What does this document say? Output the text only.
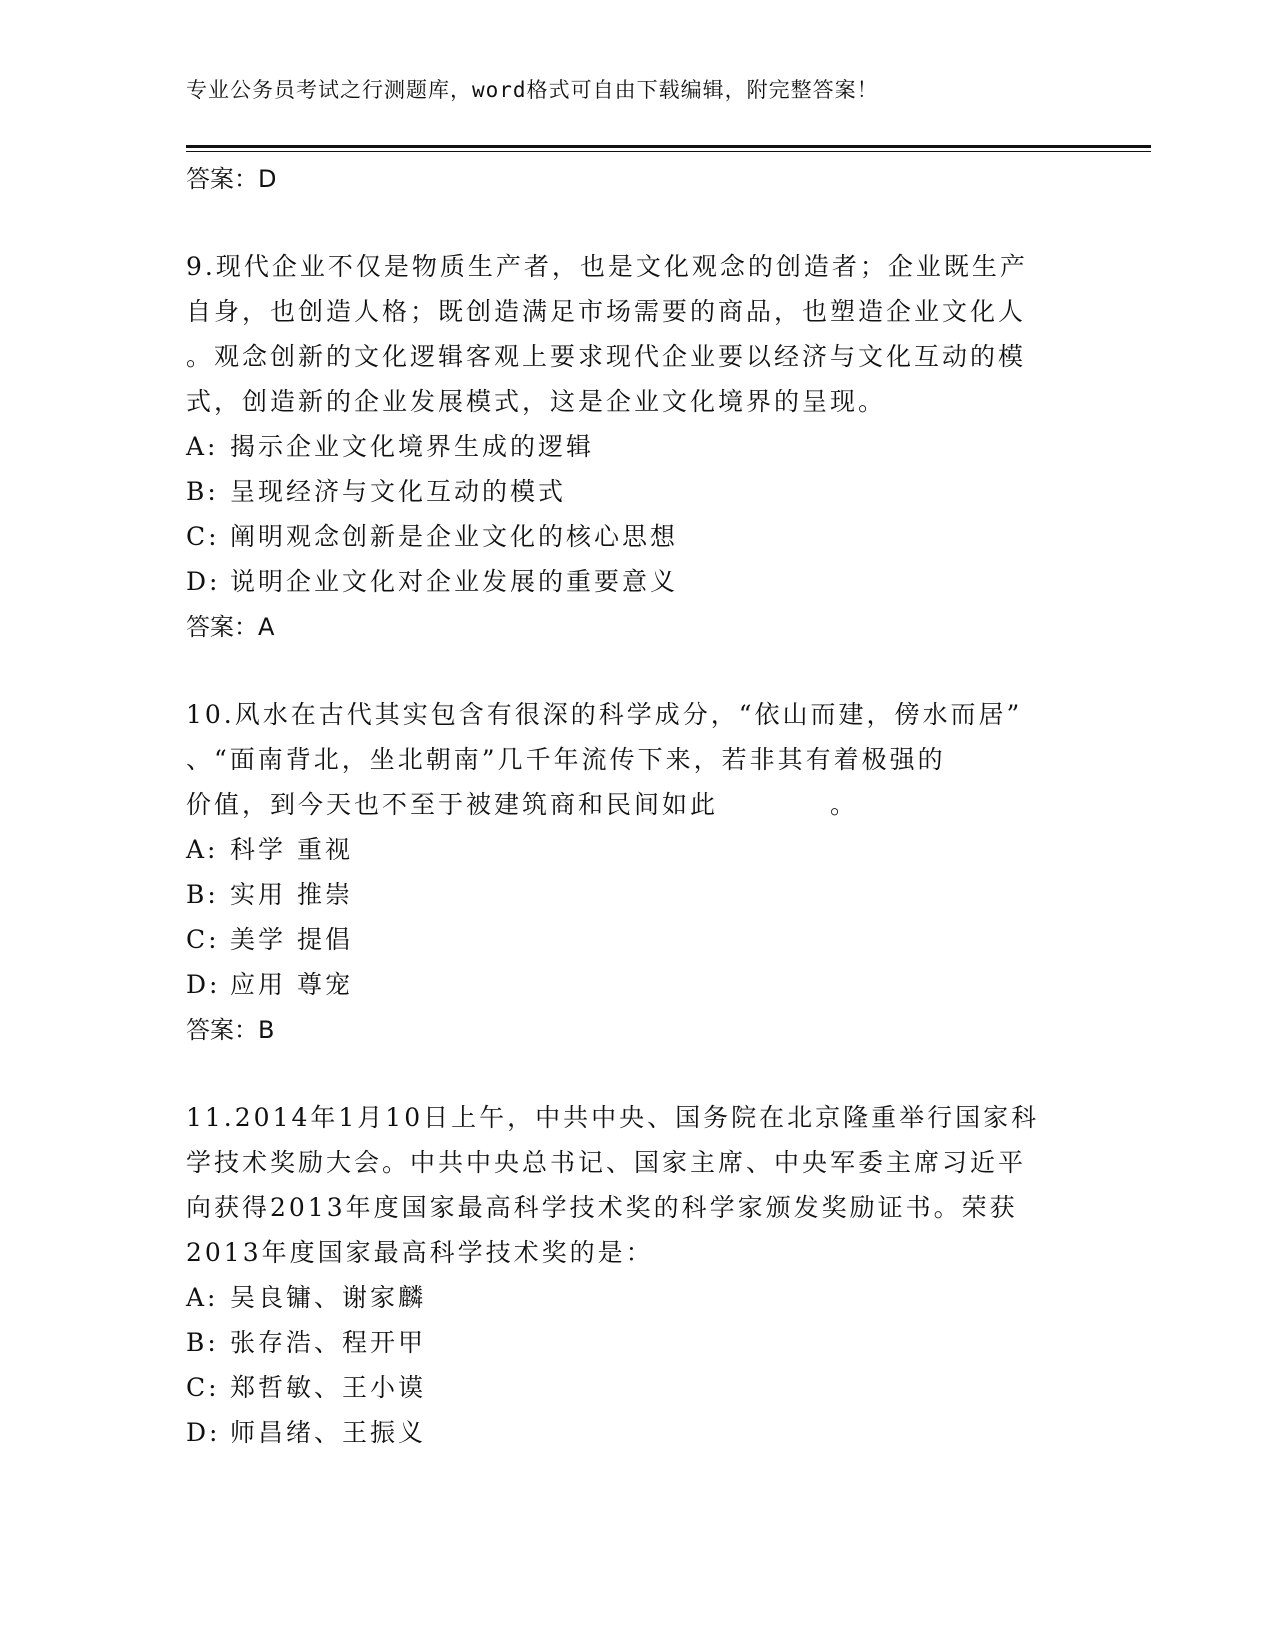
专业公务员考试之行测题库，word格式可自由下载编辑，附完整答案！
答案：D
9.现代企业不仅是物质生产者，也是文化观念的创造者；企业既生产
自身，也创造人格；既创造满足市场需要的商品，也塑造企业文化人
。观念创新的文化逻辑客观上要求现代企业要以经济与文化互动的模
式，创造新的企业发展模式，这是企业文化境界的呈现。
A: 揭示企业文化境界生成的逻辑
B: 呈现经济与文化互动的模式
C: 阐明观念创新是企业文化的核心思想
D: 说明企业文化对企业发展的重要意义
答案：A
10.风水在古代其实包含有很深的科学成分，“依山而建，傍水而居”
、“面南背北，坐北朝南”几千年流传下来，若非其有着极强的
价值，到今天也不至于被建筑商和民间如此　　　　。
A: 科学 重视
B: 实用 推崇
C: 美学 提倡
D: 应用 尊宠
答案：B
11.2014年1月10日上午，中共中央、国务院在北京隆重举行国家科
学技术奖励大会。中共中央总书记、国家主席、中央军委主席习近平
向获得2013年度国家最高科学技术奖的科学家颁发奖励证书。荣获
2013年度国家最高科学技术奖的是：
A: 吴良镛、谢家麟
B: 张存浩、程开甲
C: 郑哲敏、王小谟
D: 师昌绪、王振义
